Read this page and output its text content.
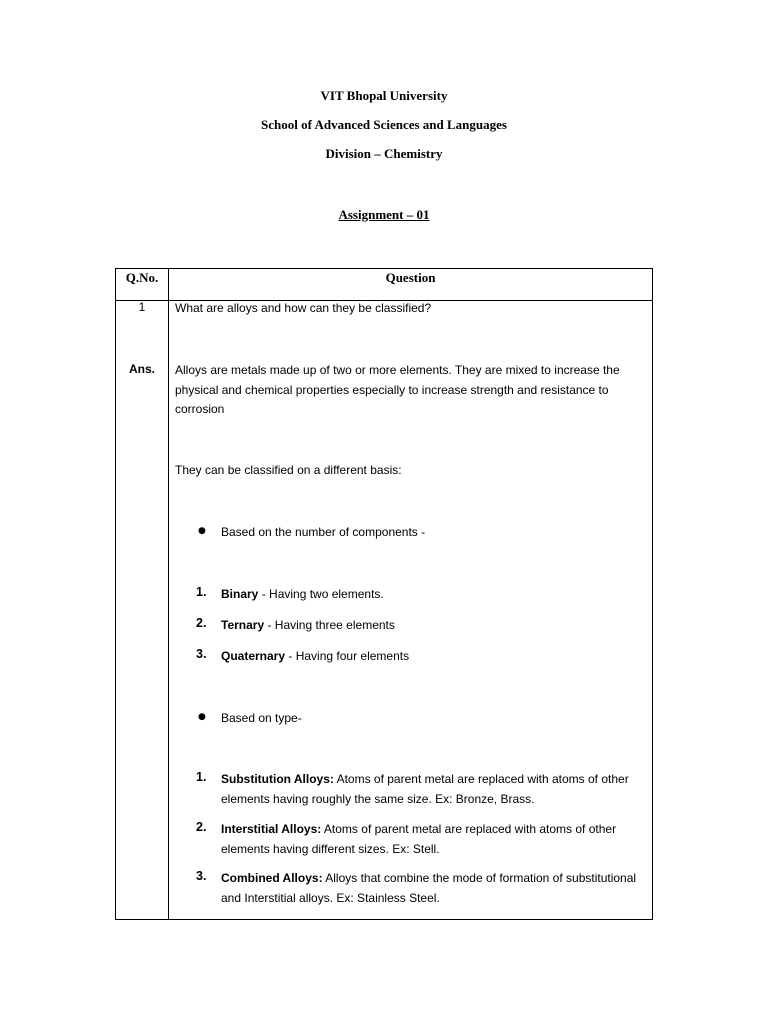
VIT Bhopal University
School of Advanced Sciences and Languages
Division – Chemistry
Assignment – 01
Q.No.	Question
1	What are alloys and how can they be classified?
Ans.	Alloys are metals made up of two or more elements. They are mixed to increase the physical and chemical properties especially to increase strength and resistance to corrosion
They can be classified on a different basis:
● Based on the number of components -
1.	Binary - Having two elements.
2.	Ternary - Having three elements
3.	Quaternary - Having four elements
● Based on type-
1.	Substitution Alloys: Atoms of parent metal are replaced with atoms of other elements having roughly the same size. Ex: Bronze, Brass.
2.	Interstitial Alloys: Atoms of parent metal are replaced with atoms of other elements having different sizes. Ex: Stell.
3.	Combined Alloys: Alloys that combine the mode of formation of substitutional and Interstitial alloys. Ex: Stainless Steel.
